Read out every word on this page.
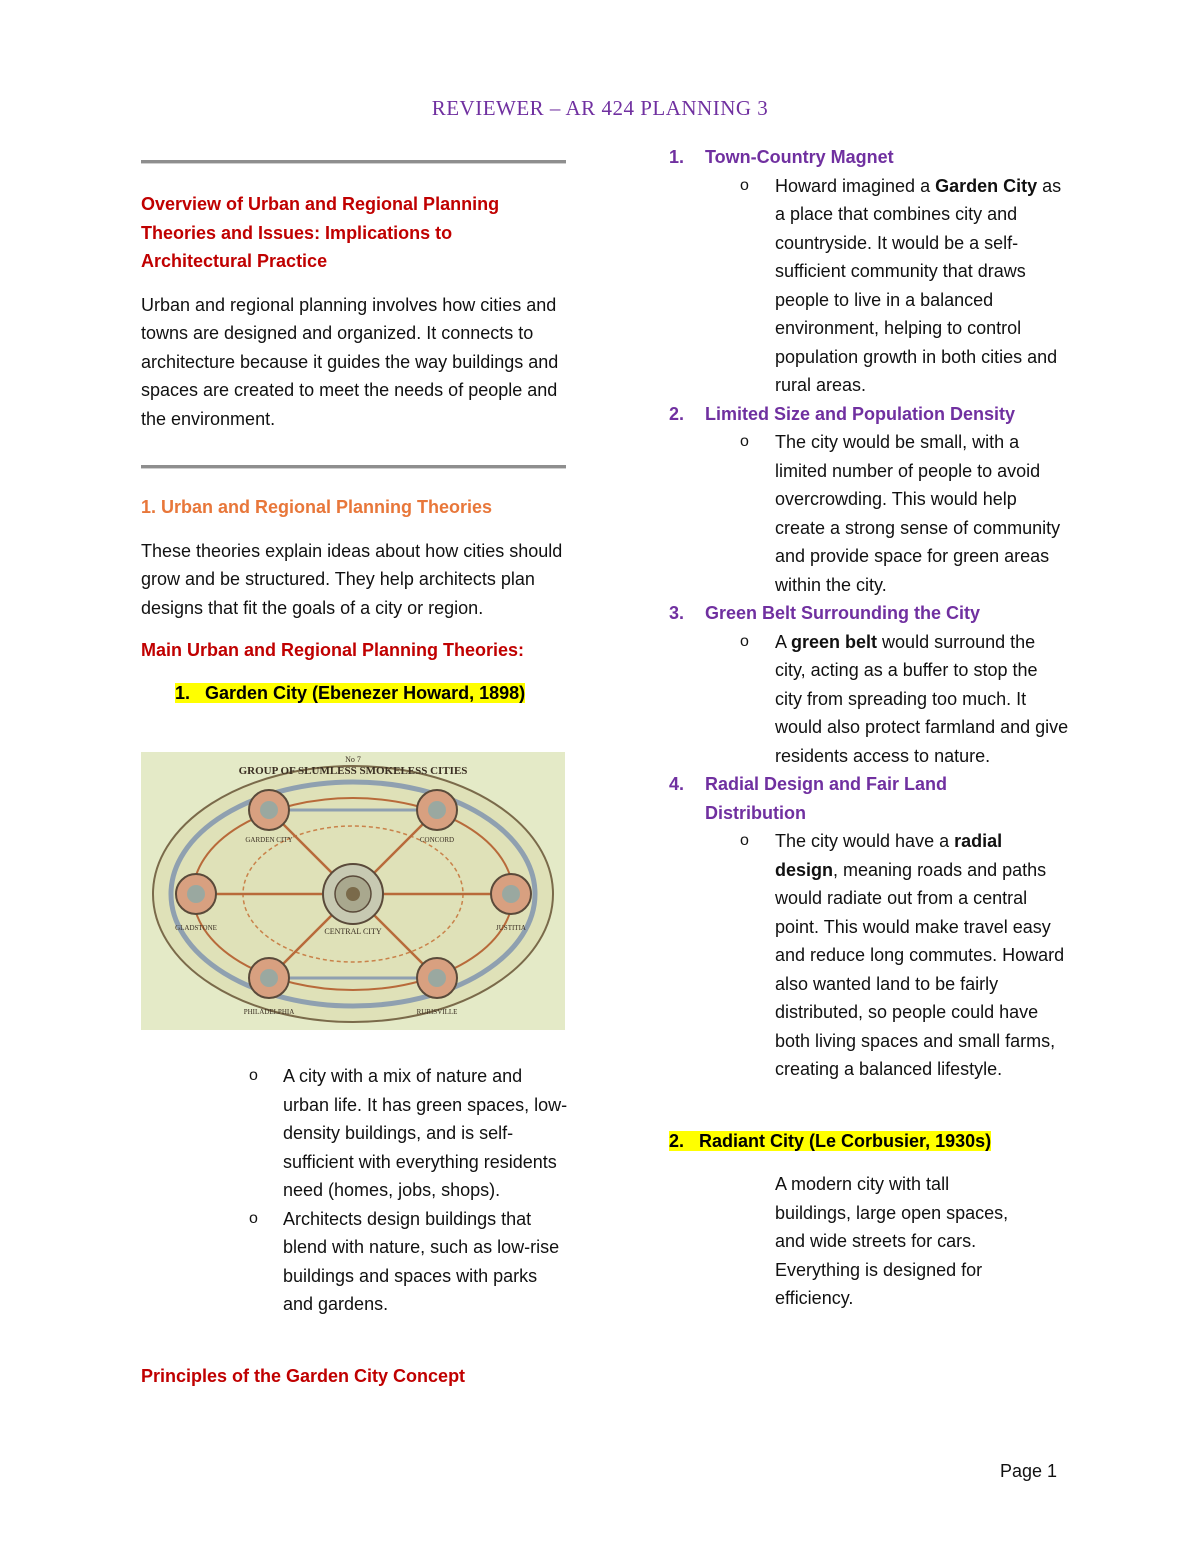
REVIEWER – AR 424 PLANNING 3

Overview of Urban and Regional Planning Theories and Issues: Implications to Architectural Practice

Urban and regional planning involves how cities and towns are designed and organized. It connects to architecture because it guides the way buildings and spaces are created to meet the needs of people and the environment.

1. Urban and Regional Planning Theories

These theories explain ideas about how cities should grow and be structured. They help architects plan designs that fit the goals of a city or region.

Main Urban and Regional Planning Theories:

1. Garden City (Ebenezer Howard, 1898)
GROUP OF SLUMLESS SMOKELESS CITIES
No 7
CENTRAL CITY
GARDEN CITY	CONCORD
RURISVILLE
PHILADELPHIA
GLADSTONE	JUSTITIA
o A city with a mix of nature and urban life. It has green spaces, low-density buildings, and is self-sufficient with everything residents need (homes, jobs, shops).
o Architects design buildings that blend with nature, such as low-rise buildings and spaces with parks and gardens.

Principles of the Garden City Concept

1. Town-Country Magnet
o Howard imagined a Garden City as a place that combines city and countryside. It would be a self-sufficient community that draws people to live in a balanced environment, helping to control population growth in both cities and rural areas.
2. Limited Size and Population Density
o The city would be small, with a limited number of people to avoid overcrowding. This would help create a strong sense of community and provide space for green areas within the city.
3. Green Belt Surrounding the City
o A green belt would surround the city, acting as a buffer to stop the city from spreading too much. It would also protect farmland and give residents access to nature.
4. Radial Design and Fair Land Distribution
o The city would have a radial design, meaning roads and paths would radiate out from a central point. This would make travel easy and reduce long commutes. Howard also wanted land to be fairly distributed, so people could have both living spaces and small farms, creating a balanced lifestyle.
2. Radiant City (Le Corbusier, 1930s)

A modern city with tall buildings, large open spaces, and wide streets for cars. Everything is designed for efficiency.

Page 1
